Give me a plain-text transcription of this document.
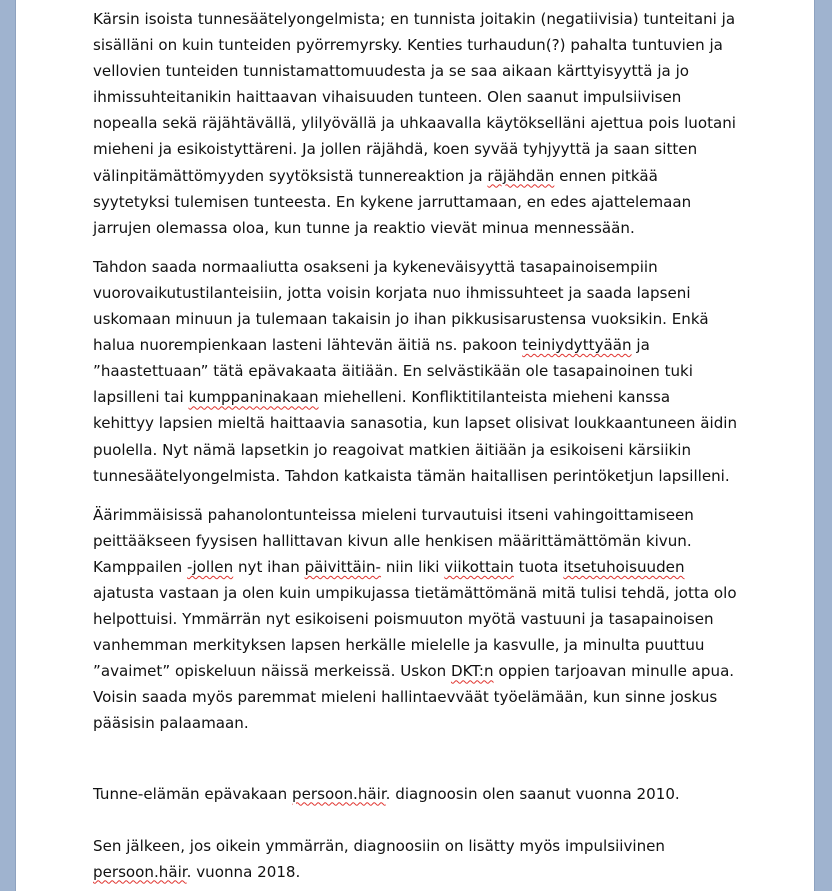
Kärsin isoista tunnesäätelyongelmista; en tunnista joitakin (negatiivisia) tunteitani ja
sisälläni on kuin tunteiden pyörremyrsky. Kenties turhaudun(?) pahalta tuntuvien ja
vellovien tunteiden tunnistamattomuudesta ja se saa aikaan kärttyisyyttä ja jo
ihmissuhteitanikin haittaavan vihaisuuden tunteen. Olen saanut impulsiivisen
nopealla sekä räjähtävällä, ylilyövällä ja uhkaavalla käytökselläni ajettua pois luotani
mieheni ja esikoistyttäreni. Ja jollen räjähdä, koen syvää tyhjyyttä ja saan sitten
välinpitämättömyyden syytöksistä tunnereaktion ja räjähdän ennen pitkää
syytetyksi tulemisen tunteesta. En kykene jarruttamaan, en edes ajattelemaan
jarrujen olemassa oloa, kun tunne ja reaktio vievät minua mennessään.

Tahdon saada normaaliutta osakseni ja kykeneväisyyttä tasapainoisempiin
vuorovaikutustilanteisiin, jotta voisin korjata nuo ihmissuhteet ja saada lapseni
uskomaan minuun ja tulemaan takaisin jo ihan pikkusisarustensa vuoksikin. Enkä
halua nuorempienkaan lasteni lähtevän äitiä ns. pakoon teiniydyttyään ja
”haastettuaan” tätä epävakaata äitiään. En selvästikään ole tasapainoinen tuki
lapsilleni tai kumppaninakaan miehelleni. Konfliktitilanteista mieheni kanssa
kehittyy lapsien mieltä haittaavia sanasotia, kun lapset olisivat loukkaantuneen äidin
puolella. Nyt nämä lapsetkin jo reagoivat matkien äitiään ja esikoiseni kärsiikin
tunnesäätelyongelmista. Tahdon katkaista tämän haitallisen perintöketjun lapsilleni.

Äärimmäisissä pahanolontunteissa mieleni turvautuisi itseni vahingoittamiseen
peittääkseen fyysisen hallittavan kivun alle henkisen määrittämättömän kivun.
Kamppailen -jollen nyt ihan päivittäin- niin liki viikottain tuota itsetuhoisuuden
ajatusta vastaan ja olen kuin umpikujassa tietämättömänä mitä tulisi tehdä, jotta olo
helpottuisi. Ymmärrän nyt esikoiseni poismuuton myötä vastuuni ja tasapainoisen
vanhemman merkityksen lapsen herkälle mielelle ja kasvulle, ja minulta puuttuu
”avaimet” opiskeluun näissä merkeissä. Uskon DKT:n oppien tarjoavan minulle apua.
Voisin saada myös paremmat mieleni hallintaevväät työelämään, kun sinne joskus
pääsisin palaamaan.

Tunne-elämän epävakaan persoon.häir. diagnoosin olen saanut vuonna 2010.

Sen jälkeen, jos oikein ymmärrän, diagnoosiin on lisätty myös impulsiivinen
persoon.häir. vuonna 2018.
